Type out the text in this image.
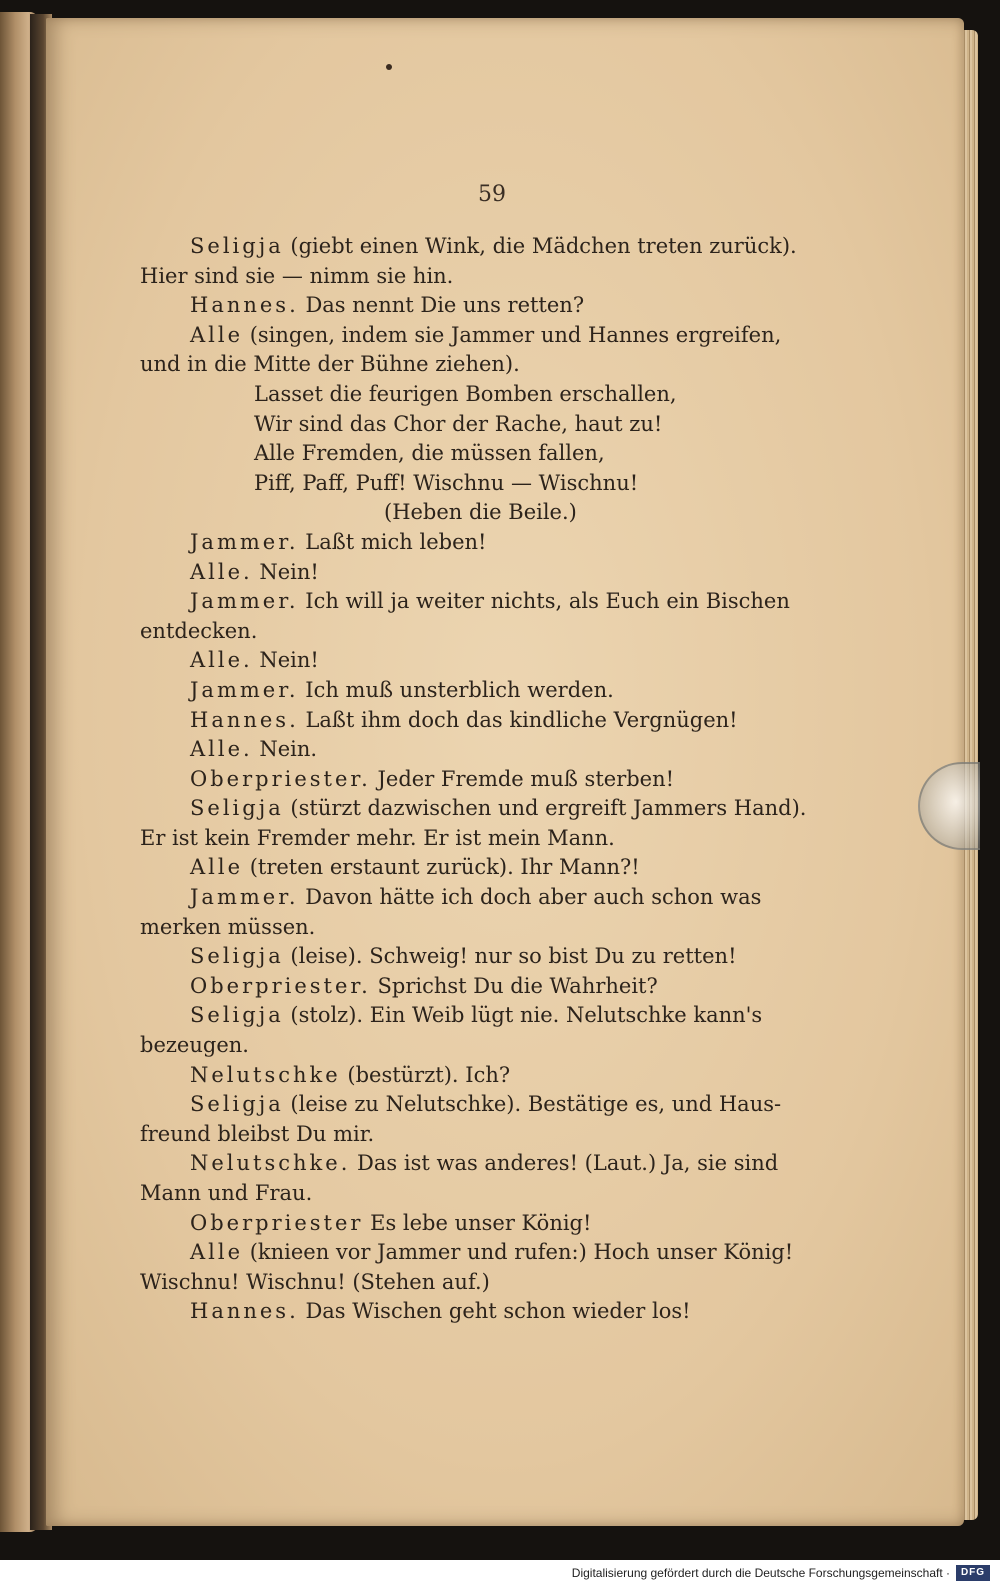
59
Seligja (giebt einen Wink, die Mädchen treten zurück).
Hier sind sie — nimm sie hin.
Hannes. Das nennt Die uns retten?
Alle (singen, indem sie Jammer und Hannes ergreifen,
und in die Mitte der Bühne ziehen).
Lasset die feurigen Bomben erschallen,
Wir sind das Chor der Rache, haut zu!
Alle Fremden, die müssen fallen,
Piff, Paff, Puff! Wischnu — Wischnu!
(Heben die Beile.)
Jammer. Laßt mich leben!
Alle. Nein!
Jammer. Ich will ja weiter nichts, als Euch ein Bischen
entdecken.
Alle. Nein!
Jammer. Ich muß unsterblich werden.
Hannes. Laßt ihm doch das kindliche Vergnügen!
Alle. Nein.
Oberpriester. Jeder Fremde muß sterben!
Seligja (stürzt dazwischen und ergreift Jammers Hand).
Er ist kein Fremder mehr. Er ist mein Mann.
Alle (treten erstaunt zurück). Ihr Mann?!
Jammer. Davon hätte ich doch aber auch schon was
merken müssen.
Seligja (leise). Schweig! nur so bist Du zu retten!
Oberpriester. Sprichst Du die Wahrheit?
Seligja (stolz). Ein Weib lügt nie. Nelutschke kann's
bezeugen.
Nelutschke (bestürzt). Ich?
Seligja (leise zu Nelutschke). Bestätige es, und Haus-
freund bleibst Du mir.
Nelutschke. Das ist was anderes! (Laut.) Ja, sie sind
Mann und Frau.
Oberpriester Es lebe unser König!
Alle (knieen vor Jammer und rufen:) Hoch unser König!
Wischnu! Wischnu! (Stehen auf.)
Hannes. Das Wischen geht schon wieder los!
Digitalisierung gefördert durch die Deutsche Forschungsgemeinschaft ·	DFG
